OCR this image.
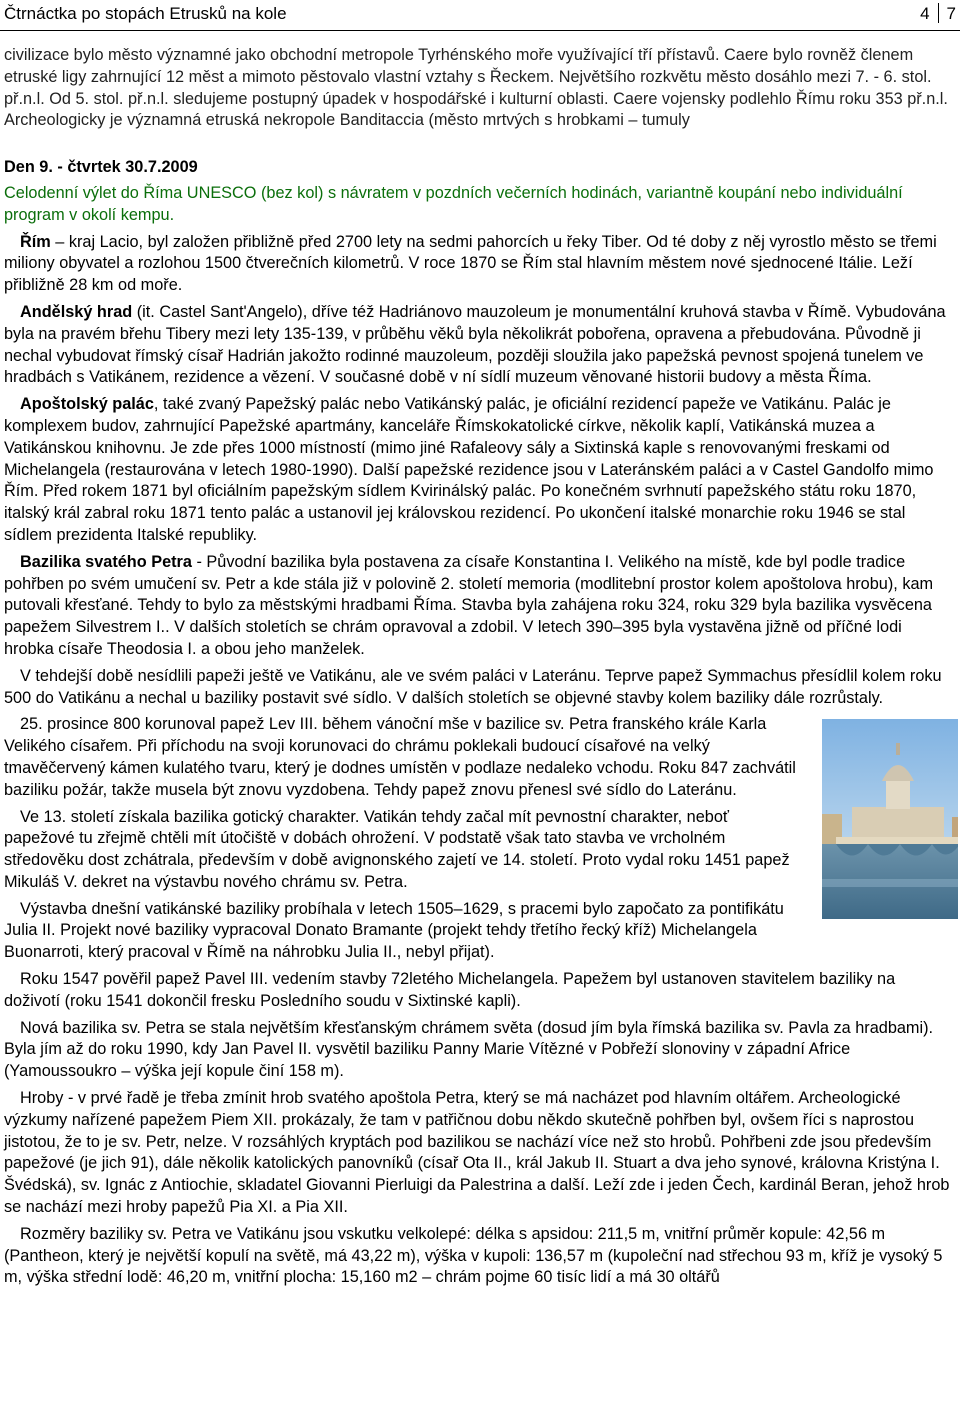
Čtrnáctka po stopách Etrusků na kole	4 7

civilizace bylo město významné jako obchodní metropole Tyrhénského moře využívající tří přístavů. Caere bylo rovněž členem etruské ligy zahrnující 12 měst a mimoto pěstovalo vlastní vztahy s Řeckem. Největšího rozkvětu město dosáhlo mezi 7. - 6. stol. př.n.l. Od 5. stol. př.n.l. sledujeme postupný úpadek v hospodářské i kulturní oblasti. Caere vojensky podlehlo Římu roku 353 př.n.l. Archeologicky je významná etruská nekropole Banditaccia (město mrtvých s hrobkami – tumuly

Den 9. - čtvrtek 30.7.2009

Celodenní výlet do Říma UNESCO (bez kol) s návratem v pozdních večerních hodinách, variantně koupání nebo individuální program v okolí kempu.

Řím – kraj Lacio, byl založen přibližně před 2700 lety na sedmi pahorcích u řeky Tiber. Od té doby z něj vyrostlo město se třemi miliony obyvatel a rozlohou 1500 čtverečních kilometrů. V roce 1870 se Řím stal hlavním městem nové sjednocené Itálie. Leží přibližně 28 km od moře.

Andělský hrad (it. Castel Sant'Angelo), dříve též Hadriánovo mauzoleum je monumentální kruhová stavba v Římě. Vybudována byla na pravém břehu Tibery mezi lety 135-139, v průběhu věků byla několikrát pobořena, opravena a přebudována. Původně ji nechal vybudovat římský císař Hadrián jakožto rodinné mauzoleum, později sloužila jako papežská pevnost spojená tunelem ve hradbách s Vatikánem, rezidence a vězení. V současné době v ní sídlí muzeum věnované historii budovy a města Říma.

Apoštolský palác, také zvaný Papežský palác nebo Vatikánský palác, je oficiální rezidencí papeže ve Vatikánu. Palác je komplexem budov, zahrnující Papežské apartmány, kanceláře Římskokatolické církve, několik kaplí, Vatikánská muzea a Vatikánskou knihovnu. Je zde přes 1000 místností (mimo jiné Rafaleovy sály a Sixtinská kaple s renovovanými freskami od Michelangela (restaurována v letech 1980-1990). Další papežské rezidence jsou v Lateránském paláci a v Castel Gandolfo mimo Řím. Před rokem 1871 byl oficiálním papežským sídlem Kvirinálský palác. Po konečném svrhnutí papežského státu roku 1870, italský král zabral roku 1871 tento palác a ustanovil jej královskou rezidencí. Po ukončení italské monarchie roku 1946 se stal sídlem prezidenta Italské republiky.

Bazilika svatého Petra - Původní bazilika byla postavena za císaře Konstantina I. Velikého na místě, kde byl podle tradice pohřben po svém umučení sv. Petr a kde stála již v polovině 2. století memoria (modlitební prostor kolem apoštolova hrobu), kam putovali křesťané. Tehdy to bylo za městskými hradbami Říma. Stavba byla zahájena roku 324, roku 329 byla bazilika vysvěcena papežem Silvestrem I.. V dalších stoletích se chrám opravoval a zdobil. V letech 390–395 byla vystavěna jižně od příčné lodi hrobka císaře Theodosia I. a obou jeho manželek.

V tehdejší době nesídlili papeži ještě ve Vatikánu, ale ve svém paláci v Lateránu. Teprve papež Symmachus přesídlil kolem roku 500 do Vatikánu a nechal u baziliky postavit své sídlo. V dalších stoletích se objevné stavby kolem baziliky dále rozrůstaly.

25. prosince 800 korunoval papež Lev III. během vánoční mše v bazilice sv. Petra franského krále Karla Velikého císařem. Při příchodu na svoji korunovaci do chrámu poklekali budoucí císařové na velký tmavěčervený kámen kulatého tvaru, který je dodnes umístěn v podlaze nedaleko vchodu. Roku 847 zachvátil baziliku požár, takže musela být znovu vyzdobena. Tehdy papež znovu přenesl své sídlo do Lateránu.

Ve 13. století získala bazilika gotický charakter. Vatikán tehdy začal mít pevnostní charakter, neboť papežové tu zřejmě chtěli mít útočiště v dobách ohrožení. V podstatě však tato stavba ve vrcholném středověku dost zchátrala, především v době avignonského zajetí ve 14. století. Proto vydal roku 1451 papež Mikuláš V. dekret na výstavbu nového chrámu sv. Petra.

Výstavba dnešní vatikánské baziliky probíhala v letech 1505–1629, s pracemi bylo započato za pontifikátu Julia II. Projekt nové baziliky vypracoval Donato Bramante (projekt tehdy třetího řecký kříž) Michelangela Buonarroti, který pracoval v Římě na náhrobku Julia II., nebyl přijat).

Roku 1547 pověřil papež Pavel III. vedením stavby 72letého Michelangela. Papežem byl ustanoven stavitelem baziliky na doživotí (roku 1541 dokončil fresku Posledního soudu v Sixtinské kapli).

Nová bazilika sv. Petra se stala největším křesťanským chrámem světa (dosud jím byla římská bazilika sv. Pavla za hradbami). Byla jím až do roku 1990, kdy Jan Pavel II. vysvětil baziliku Panny Marie Vítězné v Pobřeží slonoviny v západní Africe (Yamoussoukro – výška její kopule činí 158 m).

Hroby - v prvé řadě je třeba zmínit hrob svatého apoštola Petra, který se má nacházet pod hlavním oltářem. Archeologické výzkumy nařízené papežem Piem XII. prokázaly, že tam v patřičnou dobu někdo skutečně pohřben byl, ovšem říci s naprostou jistotou, že to je sv. Petr, nelze. V rozsáhlých kryptách pod bazilikou se nachází více než sto hrobů. Pohřbeni zde jsou především papežové (je jich 91), dále několik katolických panovníků (císař Ota II., král Jakub II. Stuart a dva jeho synové, královna Kristýna I. Švédská), sv. Ignác z Antiochie, skladatel Giovanni Pierluigi da Palestrina a další. Leží zde i jeden Čech, kardinál Beran, jehož hrob se nachází mezi hroby papežů Pia XI. a Pia XII.

Rozměry baziliky sv. Petra ve Vatikánu jsou vskutku velkolepé: délka s apsidou: 211,5 m, vnitřní průměr kopule: 42,56 m (Pantheon, který je největší kopulí na světě, má 43,22 m), výška v kupoli: 136,57 m (kupoleční nad střechou 93 m, kříž je vysoký 5 m, výška střední lodě: 46,20 m, vnitřní plocha: 15,160 m2 – chrám pojme 60 tisíc lidí a má 30 oltářů
